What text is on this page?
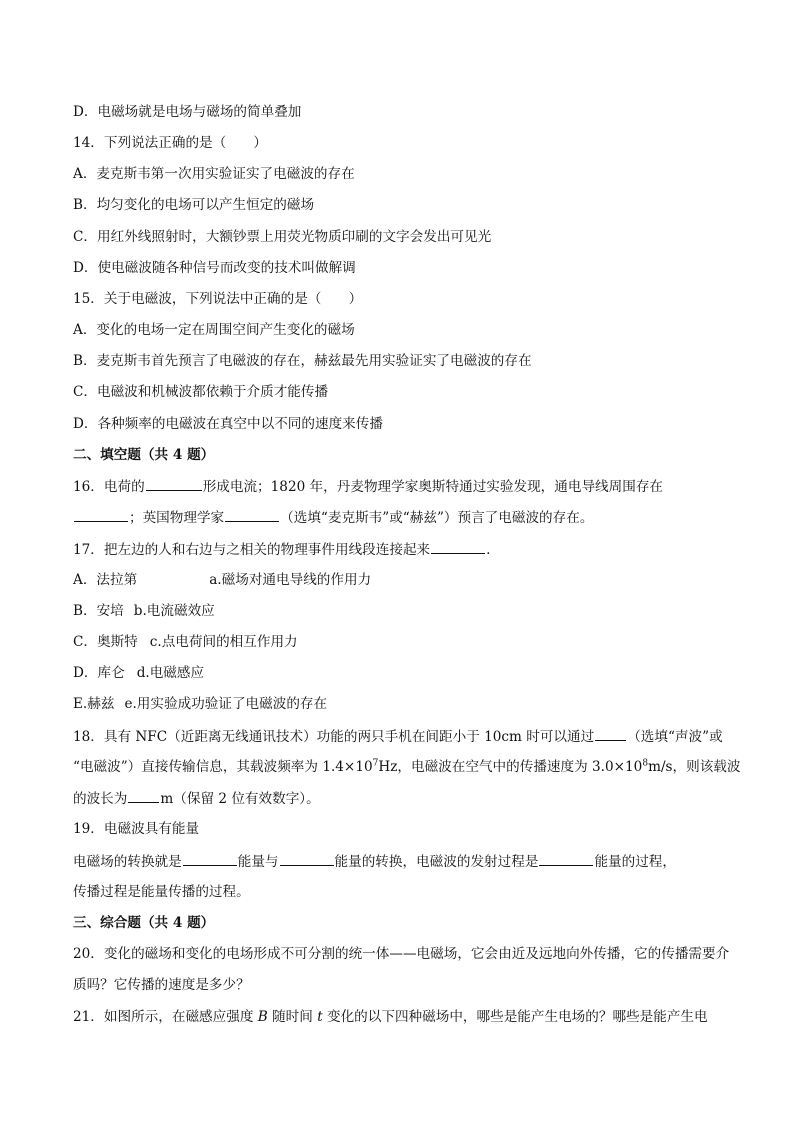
D．电磁场就是电场与磁场的简单叠加
14．下列说法正确的是（　　）
A．麦克斯韦第一次用实验证实了电磁波的存在
B．均匀变化的电场可以产生恒定的磁场
C．用红外线照射时，大额钞票上用荧光物质印刷的文字会发出可见光
D．使电磁波随各种信号而改变的技术叫做解调
15．关于电磁波，下列说法中正确的是（　　）
A．变化的电场一定在周围空间产生变化的磁场
B．麦克斯韦首先预言了电磁波的存在，赫兹最先用实验证实了电磁波的存在
C．电磁波和机械波都依赖于介质才能传播
D．各种频率的电磁波在真空中以不同的速度来传播
二、填空题（共 4 题）
16．电荷的	形成电流；1820 年，丹麦物理学家奥斯特通过实验发现，通电导线周围存在
；英国物理学家	（选填“麦克斯韦”或“赫兹”）预言了电磁波的存在。
17．把左边的人和右边与之相关的物理事件用线段连接起来	.
A．法拉第	a.磁场对通电导线的作用力
B．安培 b.电流磁效应
C．奥斯特 c.点电荷间的相互作用力
D．库仑 d.电磁感应
E.赫兹 e.用实验成功验证了电磁波的存在
18．具有 NFC（近距离无线通讯技术）功能的两只手机在间距小于 10cm 时可以通过 （选填“声波”或
“电磁波”）直接传输信息，其载波频率为 $1.4\times 10^7Hz$，电磁波在空气中的传播速度为 $3.0\times 10^8m/s$，则该载波
的波长为 m（保留 2 位有效数字）。
19．电磁波具有能量
电磁场的转换就是	能量与	能量的转换，电磁波的发射过程是	能量的过程，
传播过程是能量传播的过程。
三、综合题（共 4 题）
20．变化的磁场和变化的电场形成不可分割的统一体——电磁场，它会由近及远地向外传播，它的传播需要介质吗？它传播的速度是多少？
21．如图所示，在磁感应强度 B 随时间 t 变化的以下四种磁场中，哪些是能产生电场的？哪些是能产生电
